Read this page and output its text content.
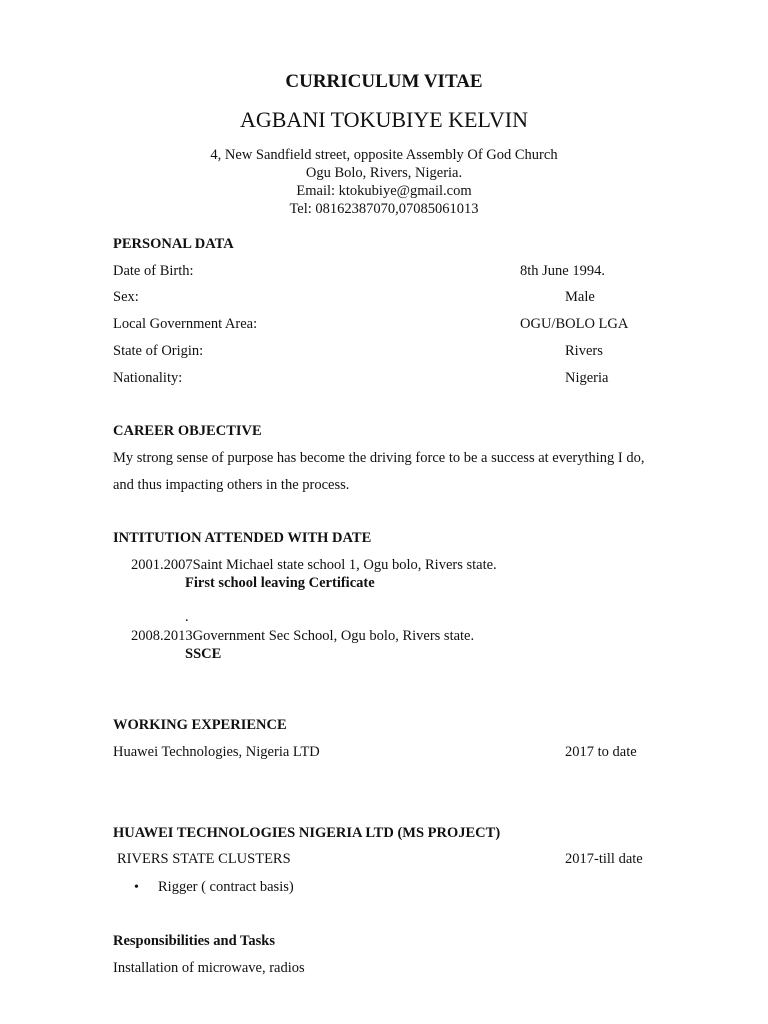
CURRICULUM VITAE
AGBANI TOKUBIYE KELVIN
4, New Sandfield street, opposite Assembly Of God Church
Ogu Bolo, Rivers, Nigeria.
Email: ktokubiye@gmail.com
Tel: 08162387070,07085061013
PERSONAL DATA
Date of Birth:	8th June 1994.
Sex:	Male
Local Government Area:	OGU/BOLO LGA
State of Origin:	Rivers
Nationality:	Nigeria
CAREER OBJECTIVE
My strong sense of purpose has become the driving force to be a success at everything I do, and thus impacting others in the process.
INTITUTION ATTENDED WITH DATE
2001.2007Saint Michael state school 1, Ogu bolo, Rivers state.
First school leaving Certificate
.
2008.2013Government Sec School, Ogu bolo, Rivers state.
SSCE
WORKING EXPERIENCE
Huawei Technologies, Nigeria LTD	2017 to date
HUAWEI TECHNOLOGIES NIGERIA LTD (MS PROJECT)
RIVERS STATE CLUSTERS	2017-till date
• Rigger ( contract basis)
Responsibilities and Tasks
Installation of microwave, radios
